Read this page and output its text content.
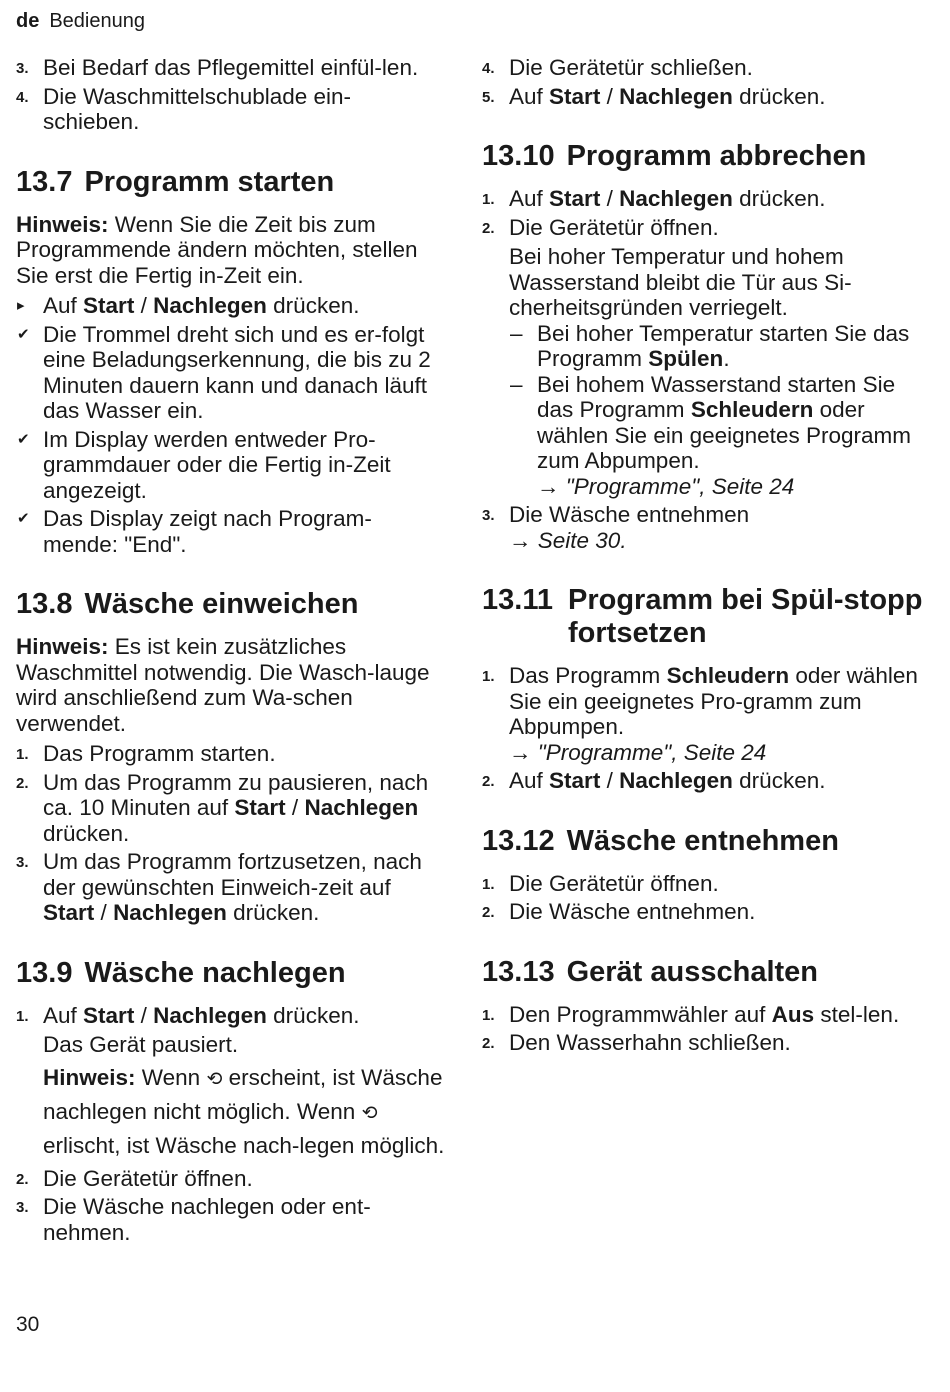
de Bedienung
3. Bei Bedarf das Pflegemittel einfül-len.
4. Die Waschmittelschublade ein-schieben.
13.7 Programm starten

Hinweis: Wenn Sie die Zeit bis zum Programmende ändern möchten, stellen Sie erst die Fertig in-Zeit ein.

▸ Auf Start / Nachlegen drücken.
✔ Die Trommel dreht sich und es er-folgt eine Beladungserkennung, die bis zu 2 Minuten dauern kann und danach läuft das Wasser ein.
✔ Im Display werden entweder Pro-grammdauer oder die Fertig in-Zeit angezeigt.
✔ Das Display zeigt nach Program-mende: "End".
13.8 Wäsche einweichen

Hinweis: Es ist kein zusätzliches Waschmittel notwendig. Die Wasch-lauge wird anschließend zum Wa-schen verwendet.

1. Das Programm starten.
2. Um das Programm zu pausieren, nach ca. 10 Minuten auf Start / Nachlegen drücken.
3. Um das Programm fortzusetzen, nach der gewünschten Einweich-zeit auf Start / Nachlegen drücken.
13.9 Wäsche nachlegen
1. Auf Start / Nachlegen drücken.

Das Gerät pausiert.

Hinweis: Wenn ⟲ erscheint, ist Wäsche nachlegen nicht möglich. Wenn ⟲ erlischt, ist Wäsche nach-legen möglich.

2. Die Gerätetür öffnen.
3. Die Wäsche nachlegen oder ent-nehmen.
4. Die Gerätetür schließen.
5. Auf Start / Nachlegen drücken.
13.10 Programm abbrechen
1. Auf Start / Nachlegen drücken.
2. Die Gerätetür öffnen.

Bei hoher Temperatur und hohem Wasserstand bleibt die Tür aus Si-cherheitsgründen verriegelt.

– Bei hoher Temperatur starten Sie das Programm Spülen.

– Bei hohem Wasserstand starten Sie das Programm Schleudern oder wählen Sie ein geeignetes Programm zum Abpumpen.
→ "Programme", Seite 24

3. Die Wäsche entnehmen
→ Seite 30.
13.11 Programm bei Spül-stopp fortsetzen
1. Das Programm Schleudern oder wählen Sie ein geeignetes Pro-gramm zum Abpumpen.
→ "Programme", Seite 24
2. Auf Start / Nachlegen drücken.
13.12 Wäsche entnehmen
1. Die Gerätetür öffnen.
2. Die Wäsche entnehmen.
13.13 Gerät ausschalten
1. Den Programmwähler auf Aus stel-len.
2. Den Wasserhahn schließen.
30
